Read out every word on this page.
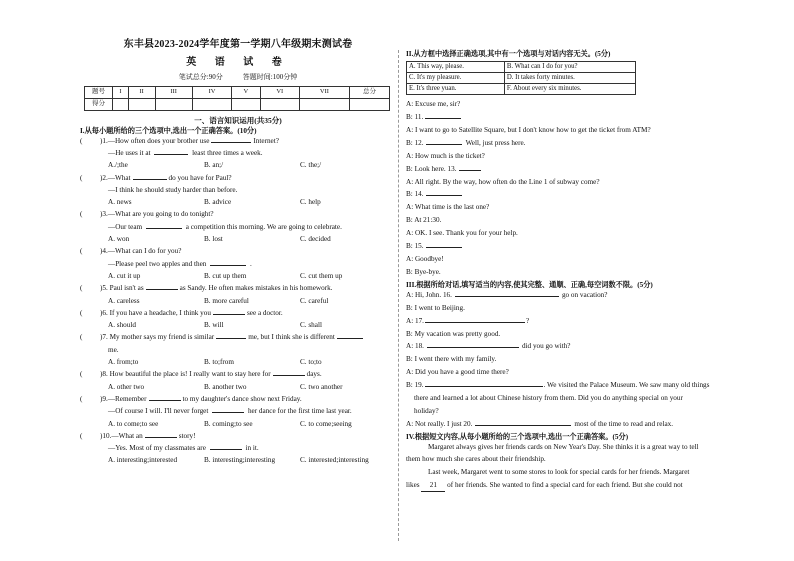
东丰县2023-2024学年度第一学期八年级期末测试卷
英 语 试 卷
笔试总分:90分	答题时间:100分钟
题号	I	II	III	IV	V	VI	VII	总分
得分								
一、语言知识运用(共35分)
I.从每小题所给的三个选项中,选出一个正确答案。(10分)
(	)1.—How often does your brother use	Internet?
—He uses it at	least three times a week.
A./;the	B. an;/	C. the;/
(	)2.—What	do you have for Paul?
—I think he should study harder than before.
A. news	B. advice	C. help
(	)3.—What are you going to do tonight?
—Our team	a competition this morning. We are going to celebrate.
A. won	B. lost	C. decided
(	)4.—What can I do for you?
—Please peel two apples and then	.
A. cut it up	B. cut up them	C. cut them up
(	)5. Paul isn't as	as Sandy. He often makes mistakes in his homework.
A. careless	B. more careful	C. careful
(	)6. If you have a headache, I think you	see a doctor.
A. should	B. will	C. shall
(	)7. My mother says my friend is similar	me, but I think she is different
me.
A. from;to	B. to;from	C. to;to
(	)8. How beautiful the place is! I really want to stay here for	days.
A. other two	B. another two	C. two another
(	)9.—Remember	to my daughter's dance show next Friday.
—Of course I will. I'll never forget	her dance for the first time last year.
A. to come;to see	B. coming;to see	C. to come;seeing
(	)10.—What an	story!
—Yes. Most of my classmates are	in it.
A. interesting;interested	B. interesting;interesting	C. interested;interesting
II.从方框中选择正确选项,其中有一个选项与对话内容无关。(5分)
A. This way, please.	B. What can I do for you?
C. It's my pleasure.	D. It takes forty minutes.
E. It's three yuan.	F. About every six minutes.
A: Excuse me, sir?
B: 11.
A: I want to go to Satellite Square, but I don't know how to get the ticket from ATM?
B: 12.	Well, just press here.
A: How much is the ticket?
B: Look here. 13.
A: All right. By the way, how often do the Line 1 of subway come?
B: 14.
A: What time is the last one?
B: At 21:30.
A: OK. I see. Thank you for your help.
B: 15.
A: Goodbye!
B: Bye-bye.
III.根据所给对话,填写适当的内容,使其完整、通顺、正确,每空词数不限。(5分)
A: Hi, John. 16.	go on vacation?
B: I went to Beijing.
A: 17.	?
B: My vacation was pretty good.
A: 18.	did you go with?
B: I went there with my family.
A: Did you have a good time there?
B: 19.	. We visited the Palace Museum. We saw many old things
there and learned a lot about Chinese history from them. Did you do anything special on your
holiday?
A: Not really. I just 20.	most of the time to read and relax.
IV.根据短文内容,从每小题所给的三个选项中,选出一个正确答案。(5分)
Margaret always gives her friends cards on New Year's Day. She thinks it is a great way to tell
them how much she cares about their friendship.
Last week, Margaret went to some stores to look for special cards for her friends. Margaret
likes 21 of her friends. She wanted to find a special card for each friend. But she could not
